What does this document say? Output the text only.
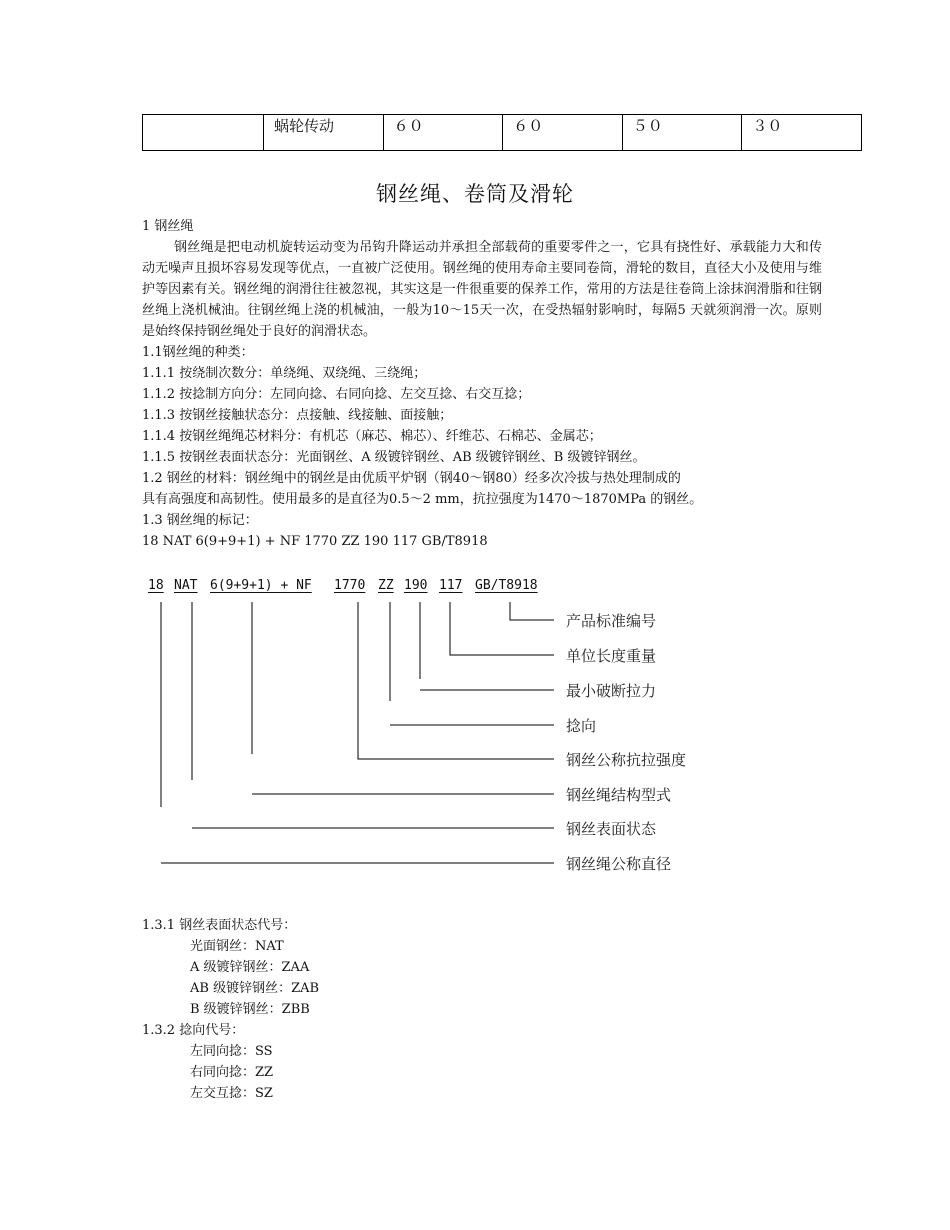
	蜗轮传动	６０	６０	５０	３０
钢丝绳、卷筒及滑轮
1 钢丝绳
钢丝绳是把电动机旋转运动变为吊钩升降运动并承担全部载荷的重要零件之一，它具有挠性好、承载能力大和传动无噪声且损坏容易发现等优点，一直被广泛使用。钢丝绳的使用寿命主要同卷筒，滑轮的数目，直径大小及使用与维护等因素有关。钢丝绳的润滑往往被忽视，其实这是一件很重要的保养工作，常用的方法是往卷筒上涂抹润滑脂和往钢丝绳上浇机械油。往钢丝绳上浇的机械油，一般为10～15天一次，在受热辐射影响时，每隔5 天就须润滑一次。原则是始终保持钢丝绳处于良好的润滑状态。
1.1钢丝绳的种类：
1.1.1 按绕制次数分：单绕绳、双绕绳、三绕绳；
1.1.2 按捻制方向分：左同向捻、右同向捻、左交互捻、右交互捻；
1.1.3 按钢丝接触状态分：点接触、线接触、面接触；
1.1.4 按钢丝绳绳芯材料分：有机芯（麻芯、棉芯）、纤维芯、石棉芯、金属芯；
1.1.5 按钢丝表面状态分：光面钢丝、A 级镀锌钢丝、AB 级镀锌钢丝、B 级镀锌钢丝。
1.2 钢丝的材料：钢丝绳中的钢丝是由优质平炉钢（钢40～钢80）经多次冷拔与热处理制成的
具有高强度和高韧性。使用最多的是直径为0.5～2 mm，抗拉强度为1470～1870MPa 的钢丝。
1.3 钢丝绳的标记：
18 NAT 6(9+9+1) + NF 1770 ZZ 190 117 GB/T8918
18 NAT 6(9+9+1) + NF 1770 ZZ 190 117 GB/T8918
产品标准编号
单位长度重量
最小破断拉力
捻向
钢丝公称抗拉强度
钢丝绳结构型式
钢丝表面状态
钢丝绳公称直径
1.3.1 钢丝表面状态代号：
光面钢丝：NAT
A 级镀锌钢丝：ZAA
AB 级镀锌钢丝：ZAB
B 级镀锌钢丝：ZBB
1.3.2 捻向代号：
左同向捻：SS
右同向捻：ZZ
左交互捻：SZ
